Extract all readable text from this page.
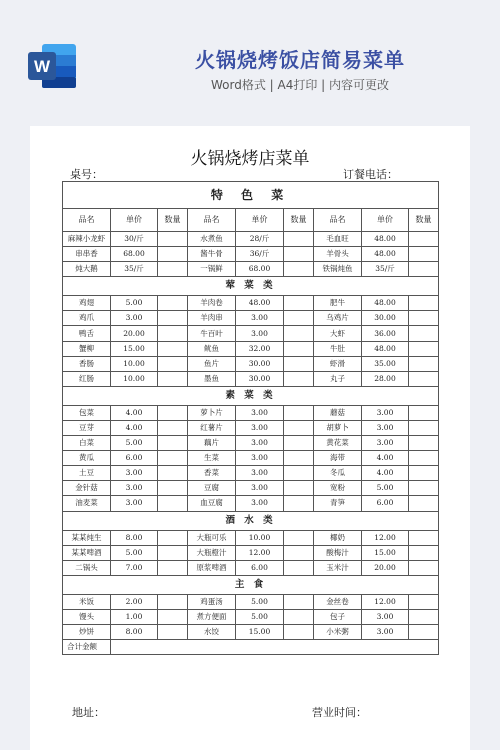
W	火锅烧烤饭店简易菜单
Word格式 | A4打印 | 内容可更改
火锅烧烤店菜单
桌号：	订餐电话：
特 色 菜								
品名	单价	数量	品名	单价	数量	品名	单价	数量
麻辣小龙虾	30/斤		水煮鱼	28/斤		毛血旺	48.00	
串串香	68.00		酱牛骨	36/斤		羊骨头	48.00	
炖大鹅	35/斤		一锅鲜	68.00		铁锅炖鱼	35/斤	
荤 菜 类								
鸡翅	5.00		羊肉卷	48.00		肥牛	48.00	
鸡爪	3.00		羊肉串	3.00		乌鸡片	30.00	
鸭舌	20.00		牛百叶	3.00		大虾	36.00	
蟹柳	15.00		鱿鱼	32.00		牛肚	48.00	
香肠	10.00		鱼片	30.00		虾滑	35.00	
红肠	10.00		墨鱼	30.00		丸子	28.00	
素 菜 类								
包菜	4.00		萝卜片	3.00		蘑菇	3.00	
豆芽	4.00		红薯片	3.00		胡萝卜	3.00	
白菜	5.00		藕片	3.00		黄花菜	3.00	
黄瓜	6.00		生菜	3.00		海带	4.00	
土豆	3.00		香菜	3.00		冬瓜	4.00	
金针菇	3.00		豆腐	3.00		宽粉	5.00	
油麦菜	3.00		血豆腐	3.00		青笋	6.00	
酒 水 类								
某某纯生	8.00		大瓶可乐	10.00		椰奶	12.00	
某某啤酒	5.00		大瓶橙汁	12.00		酸梅汁	15.00	
二锅头	7.00		原浆啤酒	6.00		玉米汁	20.00	
主 食								
米饭	2.00		鸡蛋汤	5.00		金丝卷	12.00	
馒头	1.00		煮方便面	5.00		包子	3.00	
炒饼	8.00		水饺	15.00		小米粥	3.00	
合计金额								
地址：	营业时间：
